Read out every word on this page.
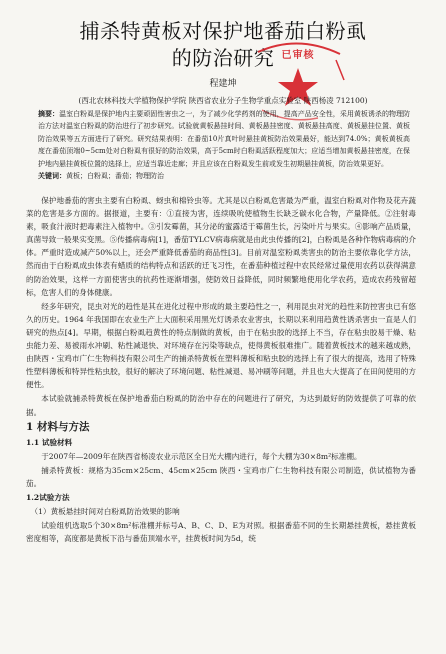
捕杀特黄板对保护地番茄白粉虱
的防治研究 已审核
程建坤
(西北农林科技大学植物保护学院 陕西省农业分子生物学重点实验室 陕西杨凌 712100)
摘要：温室白粉虱是保护地内主要顽固性害虫之一，为了减少化学药剂的使用，提高产品安全性，采用黄板诱杀的物理防治方法对温室白粉虱的防治进行了初步研究。试验就黄板悬挂时间、黄板悬挂密度、黄板悬挂高度、黄板悬挂位置、黄板防治效果等五方面进行了研究。研究结果表明：在番茄10片真叶时悬挂黄板防治效果最好，能达到74.0%；黄板黄板高度在番茄顶端0~5cm处对白粉虱有很好的防治效果，高于5cm时白粉虱活跃程度加大；应适当增加黄板悬挂密度，在保护地内悬挂黄板位置的选择上，应适当靠近走廊；并且应该在白粉虱发生前或发生初期悬挂黄板，防治效果更好。
关键词：黄板；白粉虱；番茄；物理防治

保护地番茄的害虫主要有白粉虱、蚜虫和棉铃虫等。尤其是以白粉虱危害最为严重，温室白粉虱对作物及花卉蔬菜的危害是多方面的。据报道，主要有：①直接为害，连续吸吮使植物生长缺乏碳水化合物，产量降低。②注射毒素，吸食汁液时把毒素注入植物中。③引发霉菌，其分泌的蜜露适于霉菌生长，污染叶片与果实。④影响产品质量，真菌导致一般果实变黑。⑤传播病毒病[1]，番茄TYLCV病毒病就是由此虫传播的[2]，白粉虱是各种作物病毒病的介体。严重时造成减产50%以上，还会严重降低番茄的商品性[3]。目前对温室粉虱类害虫的防治主要依靠化学方法，然而由于白粉虱成虫体表有蜡质的结构特点和活跃的迁飞习性，在番茄种植过程中农民经常过量使用农药以获得满意的防治效果，这样一方面使害虫的抗药性逐渐增强，使防效日益降低，同时频繁地使用化学农药，造成农药残留超标，危害人们的身体健康。

经多年研究，昆虫对光的趋性是其在进化过程中形成的最主要趋性之一，利用昆虫对光的趋性来防控害虫已有悠久的历史。1964 年我国即在农业生产上大面积采用黑光灯诱杀农业害虫，长期以来利用趋黄性诱杀害虫一直是人们研究的热点[4]。早期，根据白粉虱趋黄性的特点制做的黄板，由于在粘虫胶的选择上不当，存在粘虫胶易干燥、粘虫能力差、易被雨水冲刷、粘性减退快、对环境存在污染等缺点，使得黄板很难推广。随着黄板技术的越来越成熟，由陕西・宝鸡市广仁生物科技有限公司生产的捕杀特黄板在塑料薄板和粘虫胶的选择上有了很大的提高，选用了特殊性塑料薄板和特异性粘虫胶，很好的解决了环境问题、粘性减退、易冲刷等问题，并且也大大提高了在田间使用的方便性。

本试验就捕杀特黄板在保护地番茄白粉虱的防治中存在的问题进行了研究，为达到最好的防效提供了可靠的依据。

1 材料与方法

1.1 试验材料

于2007年—2009年在陕西省杨凌农业示范区全日光大棚内进行，每个大棚为30×8m²标准棚。

捕杀特黄板：规格为35cm×25cm、45cm×25cm 陕西・宝鸡市广仁生物科技有限公司制造，供试植物为番茄。

1.2试验方法

（1）黄板悬挂时间对白粉虱防治效果的影响

试验组机选取5个30×8m²标准棚并标号A、B、C、D、E为对照。根据番茄不同的生长期悬挂黄板，悬挂黄板密度相等，高度都是黄板下沿与番茄顶端水平，挂黄板时间为5d，统
